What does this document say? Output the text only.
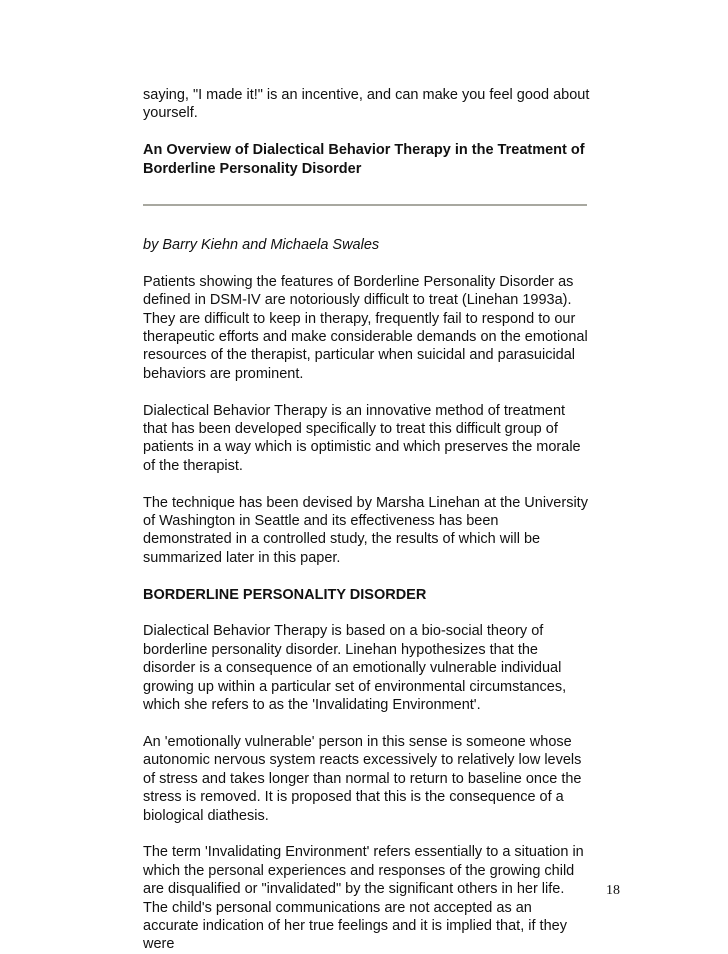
saying, "I made it!" is an incentive, and can make you feel good about yourself.

An Overview of Dialectical Behavior Therapy in the Treatment of Borderline Personality Disorder

by Barry Kiehn and Michaela Swales

Patients showing the features of Borderline Personality Disorder as defined in DSM-IV are notoriously difficult to treat (Linehan 1993a). They are difficult to keep in therapy, frequently fail to respond to our therapeutic efforts and make considerable demands on the emotional resources of the therapist, particular when suicidal and parasuicidal behaviors are prominent.

Dialectical Behavior Therapy is an innovative method of treatment that has been developed specifically to treat this difficult group of patients in a way which is optimistic and which preserves the morale of the therapist.

The technique has been devised by Marsha Linehan at the University of Washington in Seattle and its effectiveness has been demonstrated in a controlled study, the results of which will be summarized later in this paper.

BORDERLINE PERSONALITY DISORDER

Dialectical Behavior Therapy is based on a bio-social theory of borderline personality disorder. Linehan hypothesizes that the disorder is a consequence of an emotionally vulnerable individual growing up within a particular set of environmental circumstances, which she refers to as the 'Invalidating Environment'.

An 'emotionally vulnerable' person in this sense is someone whose autonomic nervous system reacts excessively to relatively low levels of stress and takes longer than normal to return to baseline once the stress is removed. It is proposed that this is the consequence of a biological diathesis.

The term 'Invalidating Environment' refers essentially to a situation in which the personal experiences and responses of the growing child are disqualified or "invalidated" by the significant others in her life. The child's personal communications are not accepted as an accurate indication of her true feelings and it is implied that, if they were

18
